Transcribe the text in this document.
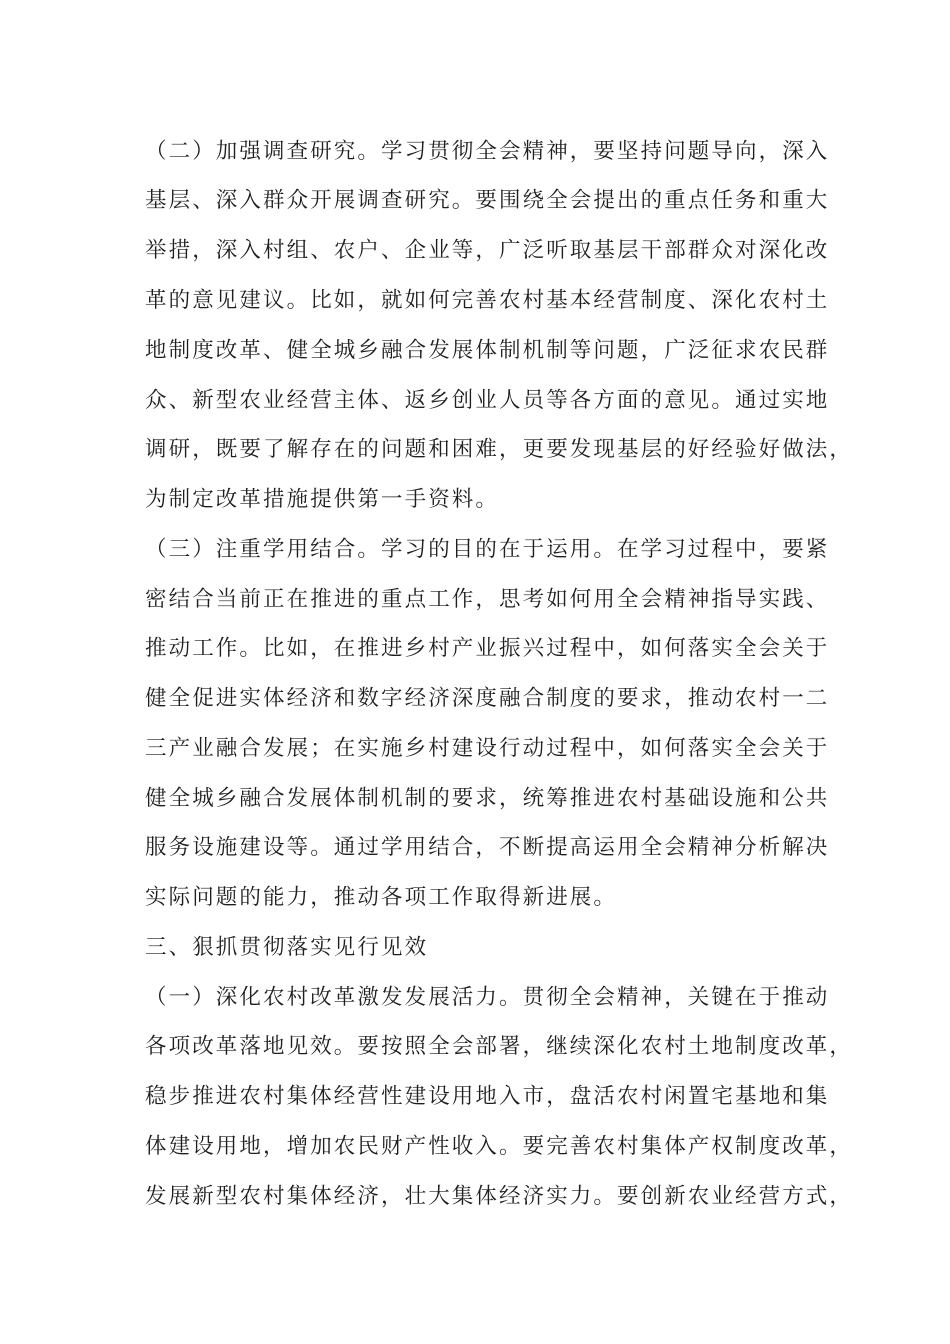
（二）加强调查研究。学习贯彻全会精神，要坚持问题导向，深入
基层、深入群众开展调查研究。要围绕全会提出的重点任务和重大
举措，深入村组、农户、企业等，广泛听取基层干部群众对深化改
革的意见建议。比如，就如何完善农村基本经营制度、深化农村土
地制度改革、健全城乡融合发展体制机制等问题，广泛征求农民群
众、新型农业经营主体、返乡创业人员等各方面的意见。通过实地
调研，既要了解存在的问题和困难，更要发现基层的好经验好做法，
为制定改革措施提供第一手资料。
（三）注重学用结合。学习的目的在于运用。在学习过程中，要紧
密结合当前正在推进的重点工作，思考如何用全会精神指导实践、
推动工作。比如，在推进乡村产业振兴过程中，如何落实全会关于
健全促进实体经济和数字经济深度融合制度的要求，推动农村一二
三产业融合发展；在实施乡村建设行动过程中，如何落实全会关于
健全城乡融合发展体制机制的要求，统筹推进农村基础设施和公共
服务设施建设等。通过学用结合，不断提高运用全会精神分析解决
实际问题的能力，推动各项工作取得新进展。
三、狠抓贯彻落实见行见效
（一）深化农村改革激发发展活力。贯彻全会精神，关键在于推动
各项改革落地见效。要按照全会部署，继续深化农村土地制度改革，
稳步推进农村集体经营性建设用地入市，盘活农村闲置宅基地和集
体建设用地，增加农民财产性收入。要完善农村集体产权制度改革，
发展新型农村集体经济，壮大集体经济实力。要创新农业经营方式，
